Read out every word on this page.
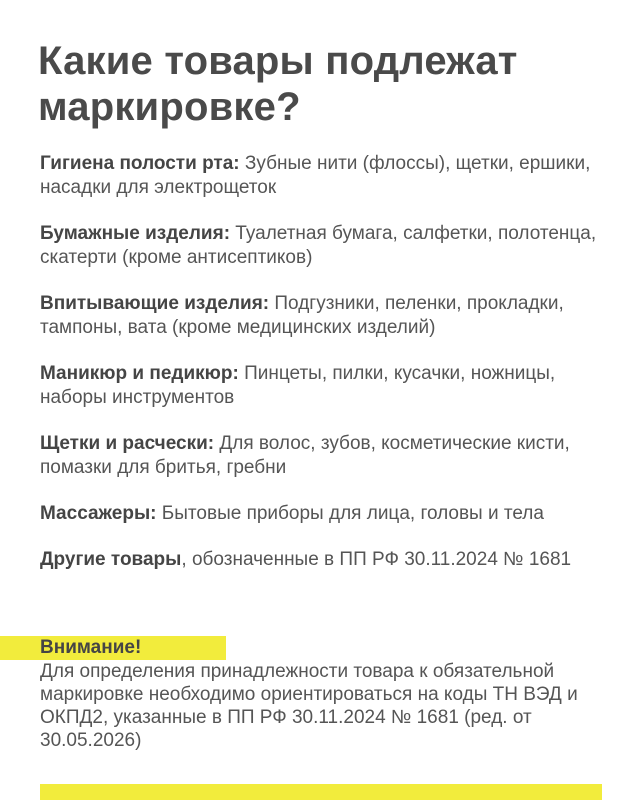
Какие товары подлежат маркировке?

Гигиена полости рта: Зубные нити (флоссы), щетки, ершики, насадки для электрощеток

Бумажные изделия: Туалетная бумага, салфетки, полотенца, скатерти (кроме антисептиков)

Впитывающие изделия: Подгузники, пеленки, прокладки, тампоны, вата (кроме медицинских изделий)

Маникюр и педикюр: Пинцеты, пилки, кусачки, ножницы, наборы инструментов

Щетки и расчески: Для волос, зубов, косметические кисти, помазки для бритья, гребни

Массажеры: Бытовые приборы для лица, головы и тела

Другие товары, обозначенные в ПП РФ 30.11.2024 № 1681

Внимание!
Для определения принадлежности товара к обязательной маркировке необходимо ориентироваться на коды ТН ВЭД и ОКПД2, указанные в ПП РФ 30.11.2024 № 1681 (ред. от 30.05.2026)
